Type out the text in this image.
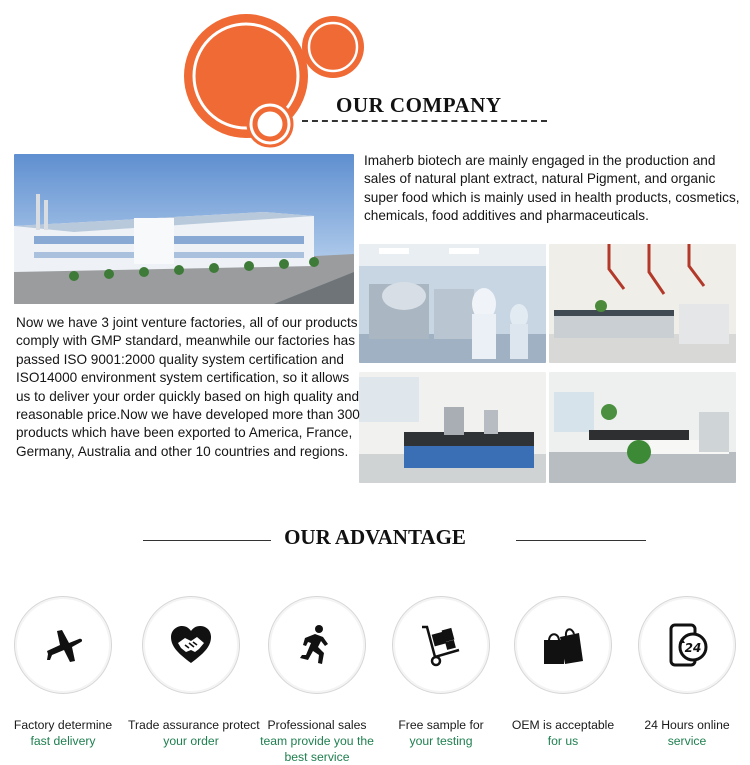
OUR COMPANY

Imaherb biotech are mainly engaged in the production and sales of natural plant extract, natural Pigment, and organic super food which is mainly used in health products, cosmetics, chemicals, food additives and pharmaceuticals.

Now we have 3 joint venture factories, all of our products comply with GMP standard, meanwhile our factories has passed ISO 9001:2000 quality system certification and ISO14000 environment system certification, so it allows us to deliver your order quickly based on high quality and reasonable price.Now we have developed more than 300 products which have been exported to America, France, Germany, Australia and other 10 countries and regions.

OUR ADVANTAGE
Factory determine
fast delivery
Trade assurance protect
your order
Professional sales
team provide you the
best service
Free sample for
your testing
OEM is acceptable
for us
24
24 Hours online
service
